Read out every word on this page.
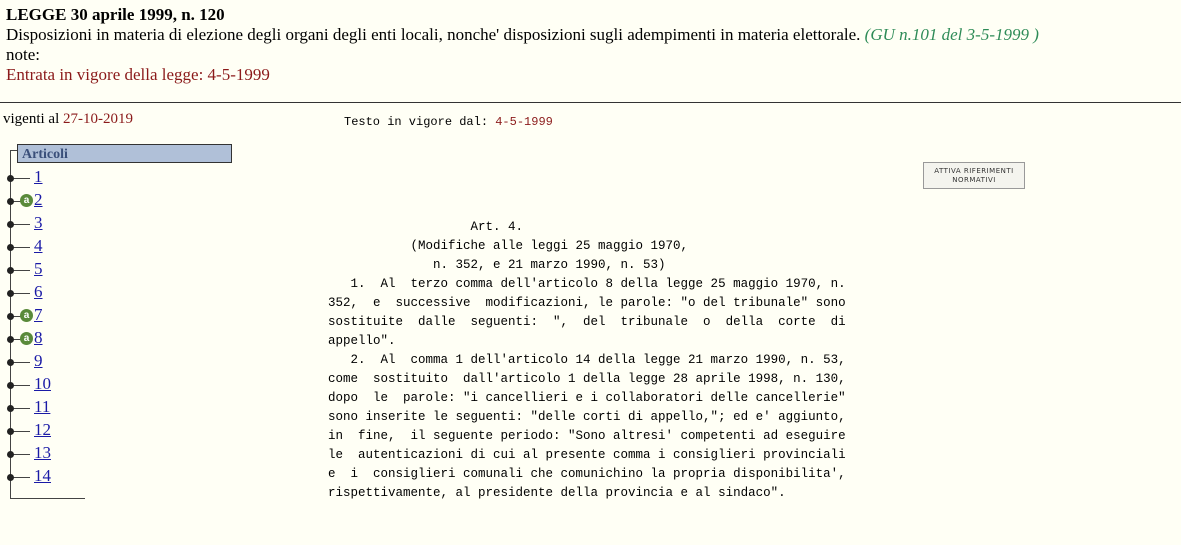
LEGGE 30 aprile 1999, n. 120
Disposizioni in materia di elezione degli organi degli enti locali, nonche' disposizioni sugli adempimenti in materia elettorale. (GU n.101 del 3-5-1999 )
note:
Entrata in vigore della legge: 4-5-1999
vigenti al 27-10-2019	Testo in vigore dal: 4-5-1999
Articoli
1
a 2
3
4
5
6
a 7
a 8
9
10
11
12
13
14
ATTIVA RIFERIMENTI
NORMATIVI
Art. 4.
(Modifiche alle leggi 25 maggio 1970,
n. 352, e 21 marzo 1990, n. 53)
1.  Al  terzo comma dell'articolo 8 della legge 25 maggio 1970, n.
352,  e  successive  modificazioni, le parole: "o del tribunale" sono
sostituite  dalle  seguenti:  ",  del  tribunale  o  della  corte  di
appello".
2.  Al  comma 1 dell'articolo 14 della legge 21 marzo 1990, n. 53,
come  sostituito  dall'articolo 1 della legge 28 aprile 1998, n. 130,
dopo  le  parole: "i cancellieri e i collaboratori delle cancellerie"
sono inserite le seguenti: "delle corti di appello,"; ed e' aggiunto,
in  fine,  il seguente periodo: "Sono altresi' competenti ad eseguire
le  autenticazioni di cui al presente comma i consiglieri provinciali
e  i  consiglieri comunali che comunichino la propria disponibilita',
rispettivamente, al presidente della provincia e al sindaco".
